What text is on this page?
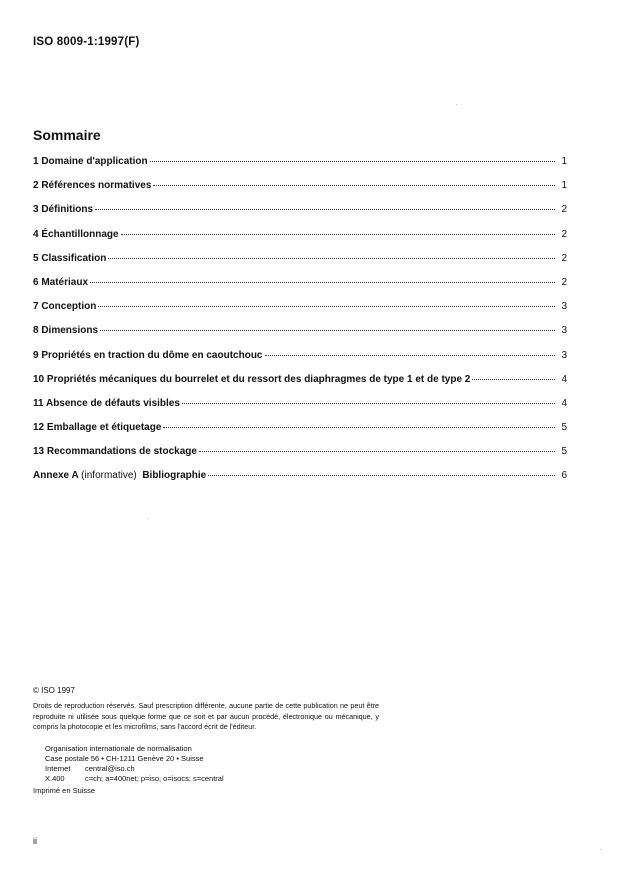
ISO 8009-1:1997(F)
Sommaire
1 Domaine d'application	1
2 Références normatives	1
3 Définitions	2
4 Échantillonnage	2
5 Classification	2
6 Matériaux	2
7 Conception	3
8 Dimensions	3
9 Propriétés en traction du dôme en caoutchouc	3
10 Propriétés mécaniques du bourrelet et du ressort des diaphragmes de type 1 et de type 2	4
11 Absence de défauts visibles	4
12 Emballage et étiquetage	5
13 Recommandations de stockage	5
Annexe A (informative) Bibliographie	6
© ISO 1997

Droits de reproduction réservés. Sauf prescription différente, aucune partie de cette publication ne peut être reproduite ni utilisée sous quelque forme que ce soit et par aucun procédé, électronique ou mécanique, y compris la photocopie et les microfilms, sans l'accord écrit de l'éditeur.

Organisation internationale de normalisation
Case postale 56 • CH-1211 Genève 20 • Suisse
Internet	central@iso.ch
X.400	c=ch; a=400net; p=iso; o=isocs; s=central
Imprimé en Suisse
ii
